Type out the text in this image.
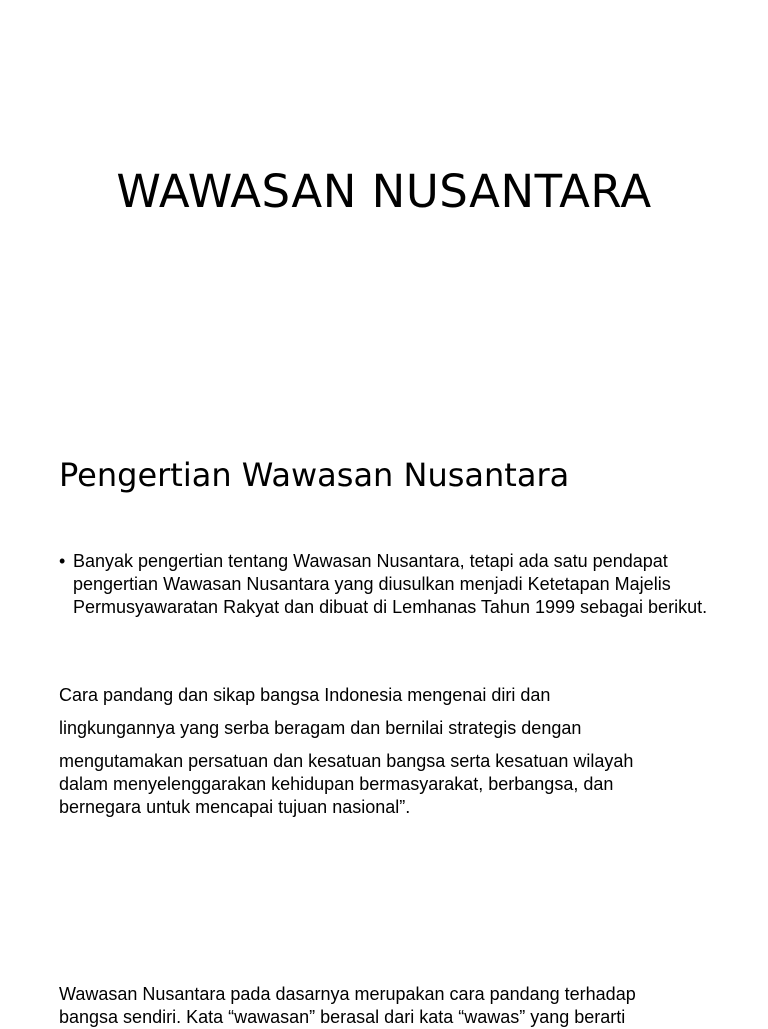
WAWASAN NUSANTARA
Pengertian Wawasan Nusantara
• Banyak pengertian tentang Wawasan Nusantara, tetapi ada satu pendapat pengertian Wawasan Nusantara yang diusulkan menjadi Ketetapan Majelis Permusyawaratan Rakyat dan dibuat di Lemhanas Tahun 1999 sebagai berikut.

Cara pandang dan sikap bangsa Indonesia mengenai diri dan
lingkungannya yang serba beragam dan bernilai strategis dengan
mengutamakan persatuan dan kesatuan bangsa serta kesatuan wilayah
dalam menyelenggarakan kehidupan bermasyarakat, berbangsa, dan
bernegara untuk mencapai tujuan nasional”.

Wawasan Nusantara pada dasarnya merupakan cara pandang terhadap
bangsa sendiri. Kata “wawasan” berasal dari kata “wawas” yang berarti
